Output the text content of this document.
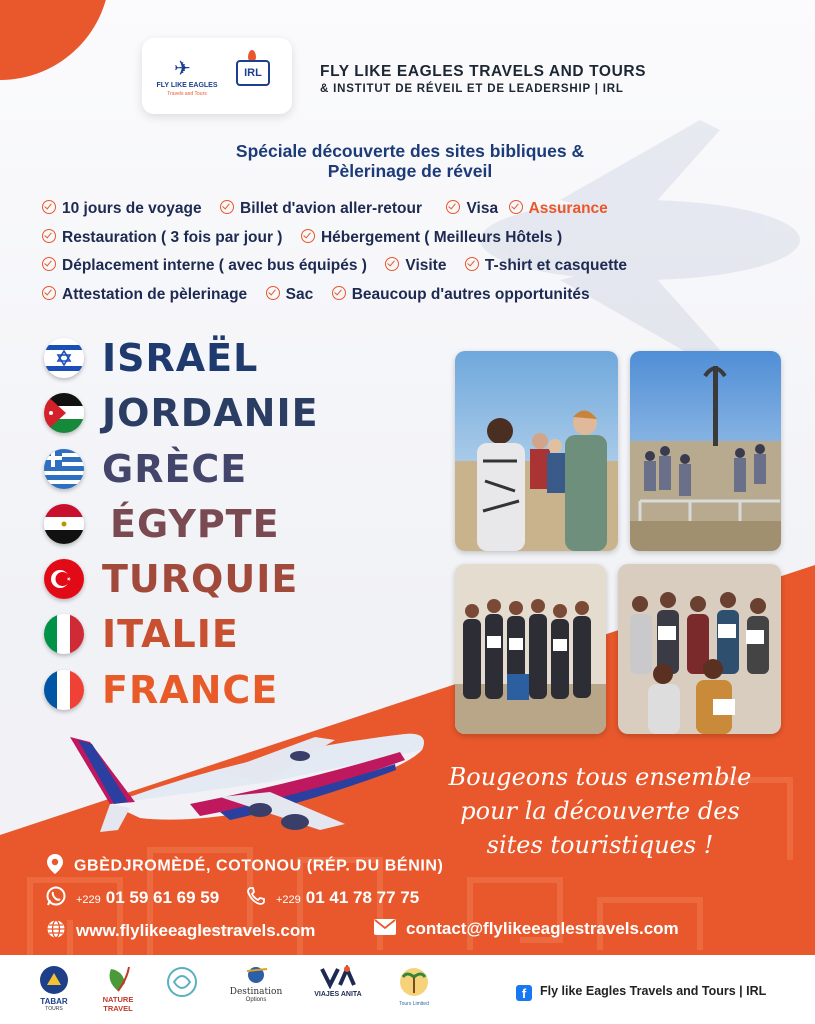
✈
FLY LIKE EAGLES
Travels and Tours
IRL	FLY LIKE EAGLES TRAVELS AND TOURS
& INSTITUT DE RÉVEIL ET DE LEADERSHIP | IRL
Spéciale découverte des sites bibliques &
Pèlerinage de réveil
10 jours de voyage Billet d'avion aller-retour	Visa Assurance
Restauration ( 3 fois par jour ) Hébergement ( Meilleurs Hôtels )
Déplacement interne ( avec bus équipés ) Visite T-shirt et casquette
Attestation de pèlerinage Sac Beaucoup d'autres opportunités
ISRAËL
JORDANIE
GRÈCE
ÉGYPTE
TURQUIE
ITALIE
FRANCE
Bougeons tous ensemble
pour la découverte des
sites touristiques !
GBÈDJROMÈDÉ, COTONOU (RÉP. DU BÉNIN)
+229 01 59 61 69 59	+229 01 41 78 77 75
www.flylikeeaglestravels.com	contact@flylikeeaglestravels.com
TABAR
TOURS
NATURE TRAVEL
Destination
Options
VIAJES ANITA
Tours Limited
f Fly like Eagles Travels and Tours | IRL
